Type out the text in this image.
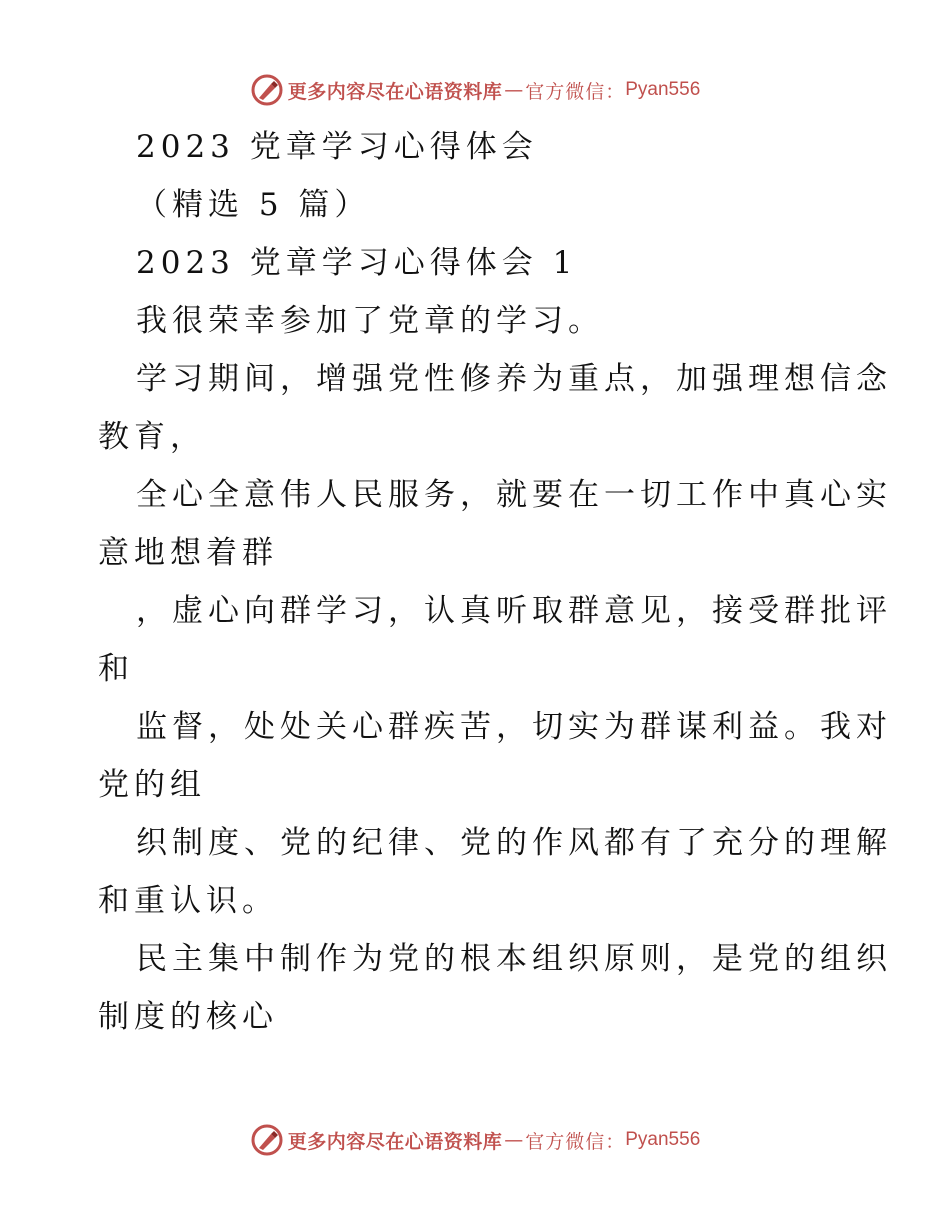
更多内容尽在心语资料库 — 官方微信： Pyan556
2023 党章学习心得体会
（精选 5 篇）
2023 党章学习心得体会 1
我很荣幸参加了党章的学习。
学习期间，增强党性修养为重点，加强理想信念
教育，
全心全意伟人民服务，就要在一切工作中真心实
意地想着群
，虚心向群学习，认真听取群意见，接受群批评
和
监督，处处关心群疾苦，切实为群谋利益。我对
党的组
织制度、党的纪律、党的作风都有了充分的理解
和重认识。
民主集中制作为党的根本组织原则，是党的组织
制度的核心
更多内容尽在心语资料库 — 官方微信： Pyan556
